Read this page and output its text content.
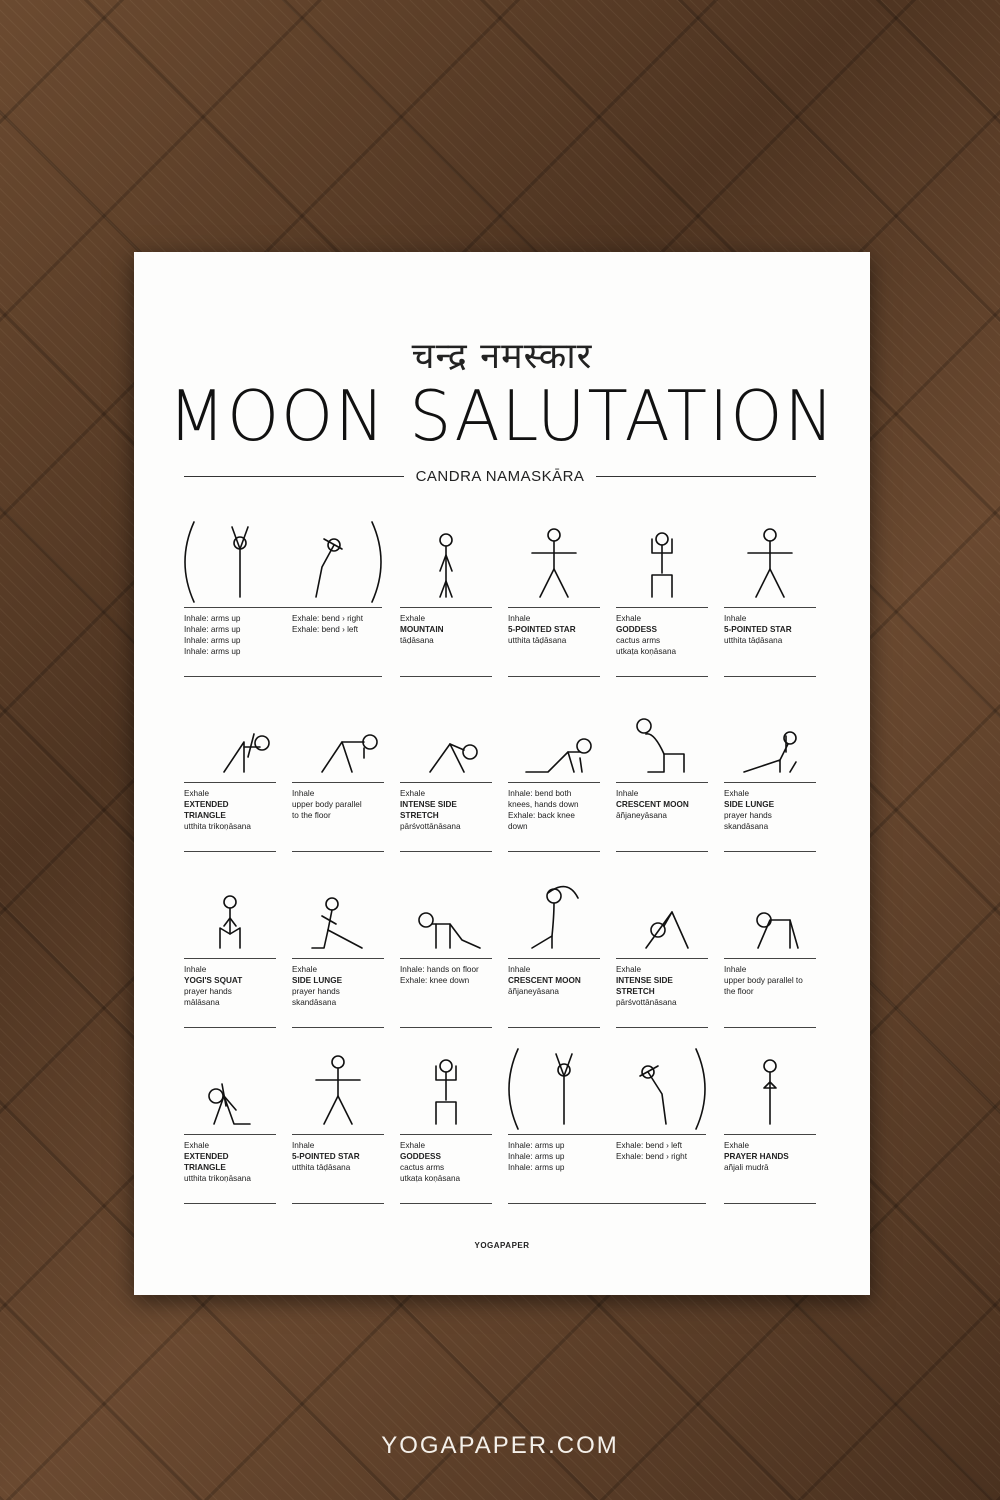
चन्द्र नमस्कार
MOON SALUTATION
CANDRA NAMASKĀRA
Inhale: arms up
Inhale: arms up
Inhale: arms up
Inhale: arms up
Exhale: bend › right
Exhale: bend › left
Exhale
MOUNTAIN
tāḍāsana
Inhale
5-POINTED STAR
utthita tāḍāsana
Exhale
GODDESS
cactus arms
utkaṭa koṇāsana
Inhale
5-POINTED STAR
utthita tāḍāsana
Exhale
EXTENDED
TRIANGLE
utthita trikoṇāsana
Inhale
upper body parallel
to the floor
Exhale
INTENSE SIDE
STRETCH
pārśvottānāsana
Inhale: bend both
knees, hands down
Exhale: back knee
down
Inhale
CRESCENT MOON
āñjaneyāsana
Exhale
SIDE LUNGE
prayer hands
skandāsana
Inhale
YOGI'S SQUAT
prayer hands
mālāsana
Exhale
SIDE LUNGE
prayer hands
skandāsana
Inhale: hands on floor
Exhale: knee down
Inhale
CRESCENT MOON
āñjaneyāsana
Exhale
INTENSE SIDE
STRETCH
pārśvottānāsana
Inhale
upper body parallel to
the floor
Exhale
EXTENDED
TRIANGLE
utthita trikoṇāsana
Inhale
5-POINTED STAR
utthita tāḍāsana
Exhale
GODDESS
cactus arms
utkaṭa koṇāsana
Inhale: arms up
Inhale: arms up
Inhale: arms up
Exhale: bend › left
Exhale: bend › right
Exhale
PRAYER HANDS
añjali mudrā
YOGAPAPER
YOGAPAPER.COM
